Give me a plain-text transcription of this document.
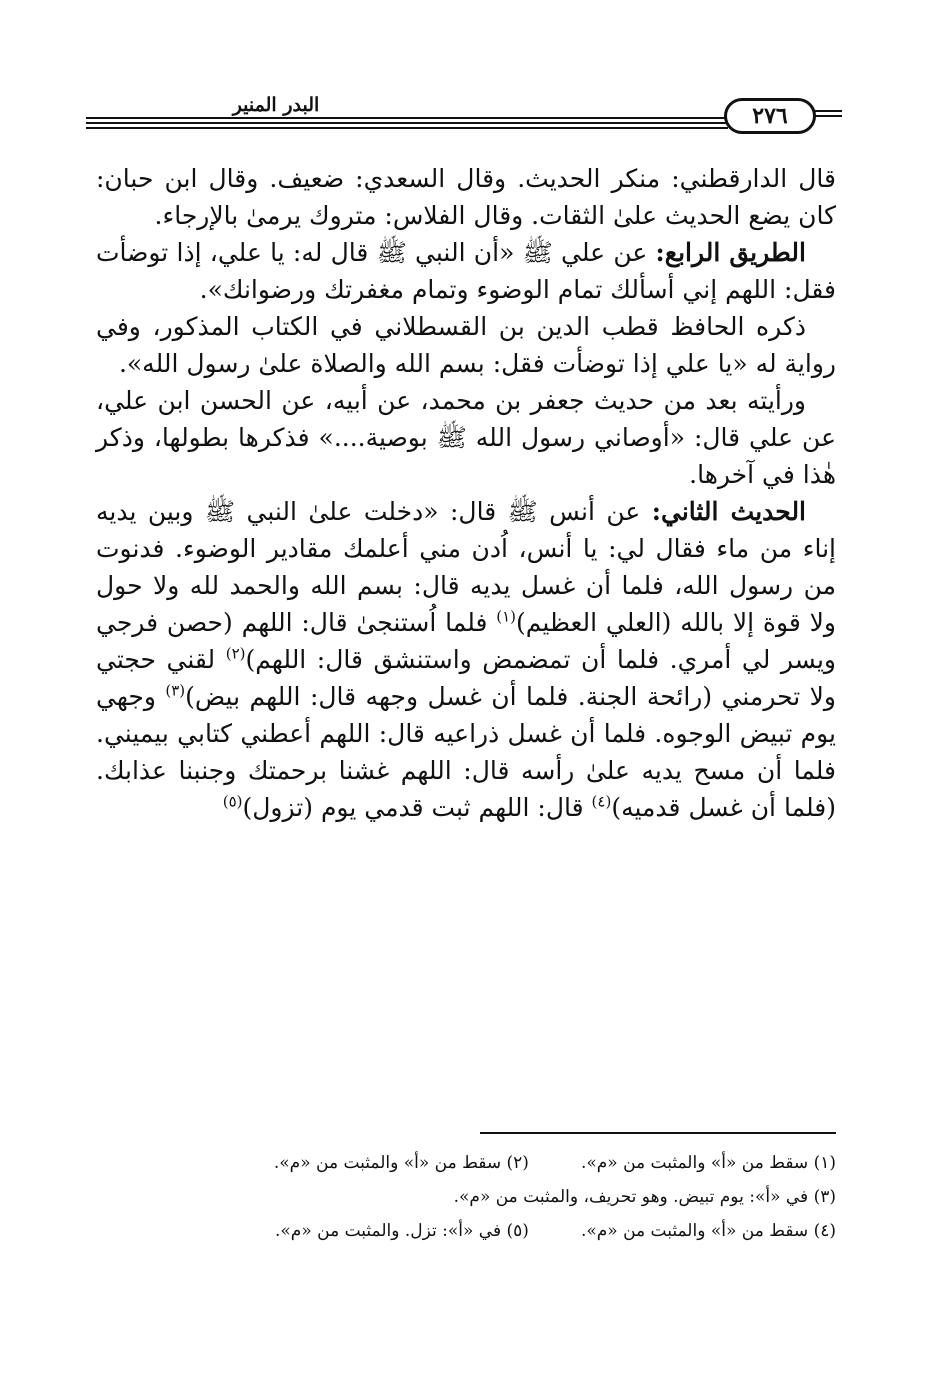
البدر المنير	٢٧٦

قال الدارقطني: منكر الحديث. وقال السعدي: ضعيف. وقال ابن حبان: كان يضع الحديث علىٰ الثقات. وقال الفلاس: متروك يرمىٰ بالإرجاء.

الطريق الرابع: عن علي ﷺ «أن النبي ﷺ قال له: يا علي، إذا توضأت فقل: اللهم إني أسألك تمام الوضوء وتمام مغفرتك ورضوانك».

ذكره الحافظ قطب الدين بن القسطلاني في الكتاب المذكور، وفي رواية له «يا علي إذا توضأت فقل: بسم الله والصلاة علىٰ رسول الله».

ورأيته بعد من حديث جعفر بن محمد، عن أبيه، عن الحسن ابن علي، عن علي قال: «أوصاني رسول الله ﷺ بوصية....» فذكرها بطولها، وذكر هٰذا في آخرها.

الحديث الثاني: عن أنس ﷺ قال: «دخلت علىٰ النبي ﷺ وبين يديه إناء من ماء فقال لي: يا أنس، اُدن مني أعلمك مقادير الوضوء. فدنوت من رسول الله، فلما أن غسل يديه قال: بسم الله والحمد لله ولا حول ولا قوة إلا بالله (العلي العظيم)$^{(١)}$ فلما اُستنجىٰ قال: اللهم (حصن فرجي ويسر لي أمري. فلما أن تمضمض واستنشق قال: اللهم)$^{(٢)}$ لقني حجتي ولا تحرمني (رائحة الجنة. فلما أن غسل وجهه قال: اللهم بيض)$^{(٣)}$ وجهي يوم تبيض الوجوه. فلما أن غسل ذراعيه قال: اللهم أعطني كتابي بيميني. فلما أن مسح يديه علىٰ رأسه قال: اللهم غشنا برحمتك وجنبنا عذابك. (فلما أن غسل قدميه)$^{(٤)}$ قال: اللهم ثبت قدمي يوم (تزول)$^{(٥)}$

(١) سقط من «أ» والمثبت من «م».
(٢) سقط من «أ» والمثبت من «م».
(٣) في «أ»: يوم تبيض. وهو تحريف، والمثبت من «م».
(٤) سقط من «أ» والمثبت من «م».
(٥) في «أ»: تزل. والمثبت من «م».
